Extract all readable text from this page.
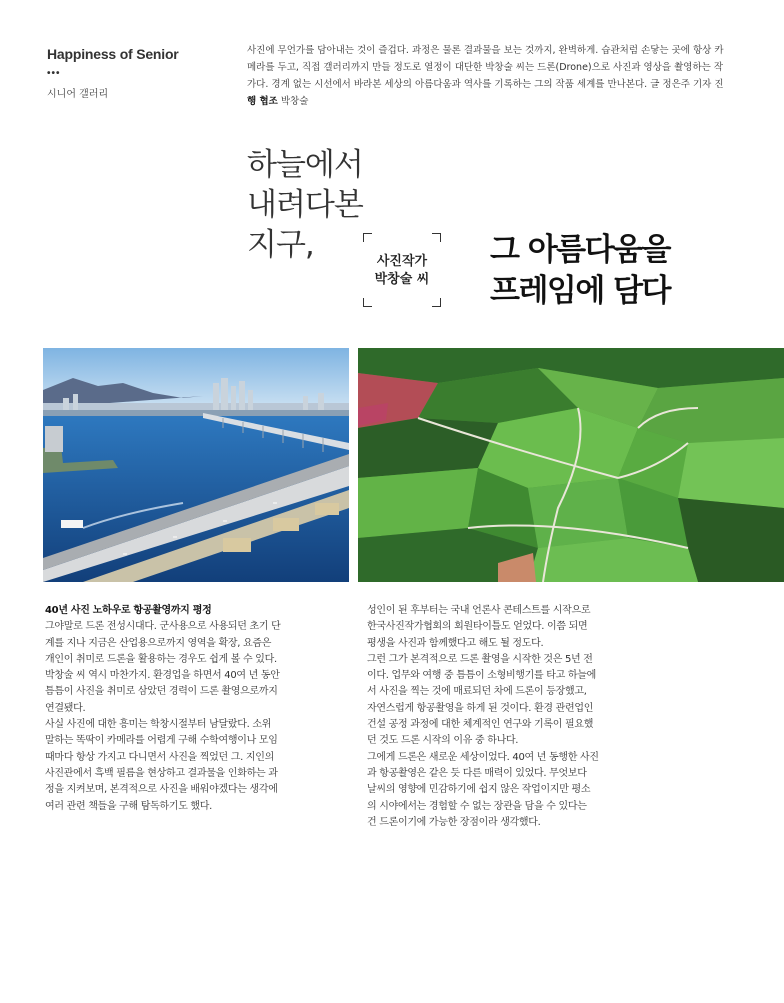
Happiness of Senior
•••
시니어 갤러리
사진에 무언가를 담아내는 것이 즐겁다. 과정은 물론 결과물을 보는 것까지, 완벽하게. 습관처럼 손닿는 곳에 항상 카
메라를 두고, 직접 갤러리까지 만들 정도로 열정이 대단한 박창술 씨는 드론(Drone)으로 사진과 영상을 촬영하는 작
가다. 경계 없는 시선에서 바라본 세상의 아름다움과 역사를 기록하는 그의 작품 세계를 만나본다. 글 정은주 기자 진
행 협조 박창술
하늘에서
내려다본
지구,	사진작가
박창술 씨
그 아름다움을
프레임에 담다
40년 사진 노하우로 항공촬영까지 평정
그야말로 드론 전성시대다. 군사용으로 사용되던 초기 단
계를 지나 지금은 산업용으로까지 영역을 확장, 요즘은
개인이 취미로 드론을 활용하는 경우도 쉽게 볼 수 있다.
박창술 씨 역시 마찬가지. 환경업을 하면서 40여 년 동안
틈틈이 사진을 취미로 삼았던 경력이 드론 촬영으로까지
연결됐다.
사실 사진에 대한 흥미는 학창시절부터 남달랐다. 소위
말하는 똑딱이 카메라를 어렵게 구해 수학여행이나 모임
때마다 항상 가지고 다니면서 사진을 찍었던 그. 지인의
사진관에서 흑백 필름을 현상하고 결과물을 인화하는 과
정을 지켜보며, 본격적으로 사진을 배워야겠다는 생각에
여러 관련 책들을 구해 탐독하기도 했다.
성인이 된 후부터는 국내 언론사 콘테스트를 시작으로
한국사진작가협회의 회원타이틀도 얻었다. 이쯤 되면
평생을 사진과 함께했다고 해도 될 정도다.
그런 그가 본격적으로 드론 촬영을 시작한 것은 5년 전
이다. 업무와 여행 중 틈틈이 소형비행기를 타고 하늘에
서 사진을 찍는 것에 매료되던 차에 드론이 등장했고,
자연스럽게 항공촬영을 하게 된 것이다. 환경 관련업인
건설 공정 과정에 대한 체계적인 연구와 기록이 필요했
던 것도 드론 시작의 이유 중 하나다.
그에게 드론은 새로운 세상이었다. 40여 년 동행한 사진
과 항공촬영은 같은 듯 다른 매력이 있었다. 무엇보다
날씨의 영향에 민감하기에 쉽지 않은 작업이지만 평소
의 시야에서는 경험할 수 없는 장관을 담을 수 있다는
건 드론이기에 가능한 장점이라 생각했다.
